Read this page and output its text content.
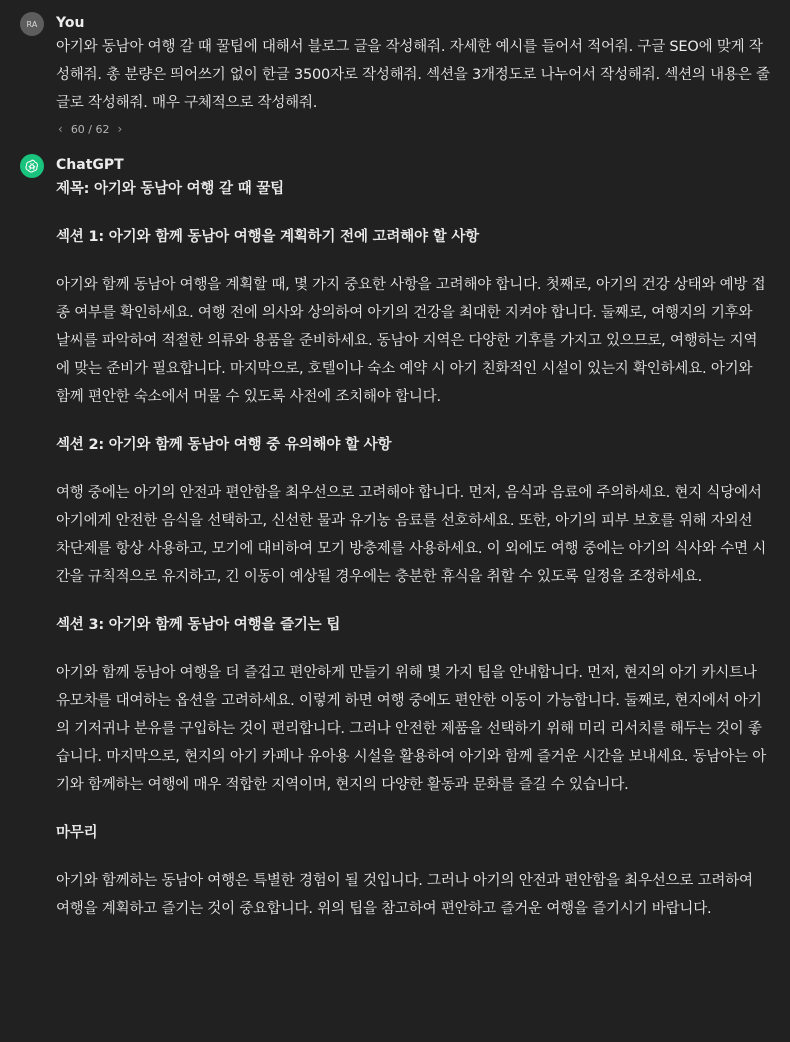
RA You

아기와 동남아 여행 갈 때 꿀팁에 대해서 블로그 글을 작성해줘. 자세한 예시를 들어서 적어줘. 구글 SEO에 맞게 작성해줘. 총 분량은 띄어쓰기 없이 한글 3500자로 작성해줘. 섹션을 3개정도로 나누어서 작성해줘. 섹션의 내용은 줄글로 작성해줘. 매우 구체적으로 작성해줘.

‹ 60 / 62 ›
ChatGPT

제목: 아기와 동남아 여행 갈 때 꿀팁

섹션 1: 아기와 함께 동남아 여행을 계획하기 전에 고려해야 할 사항

아기와 함께 동남아 여행을 계획할 때, 몇 가지 중요한 사항을 고려해야 합니다. 첫째로, 아기의 건강 상태와 예방 접종 여부를 확인하세요. 여행 전에 의사와 상의하여 아기의 건강을 최대한 지켜야 합니다. 둘째로, 여행지의 기후와 날씨를 파악하여 적절한 의류와 용품을 준비하세요. 동남아 지역은 다양한 기후를 가지고 있으므로, 여행하는 지역에 맞는 준비가 필요합니다. 마지막으로, 호텔이나 숙소 예약 시 아기 친화적인 시설이 있는지 확인하세요. 아기와 함께 편안한 숙소에서 머물 수 있도록 사전에 조치해야 합니다.

섹션 2: 아기와 함께 동남아 여행 중 유의해야 할 사항

여행 중에는 아기의 안전과 편안함을 최우선으로 고려해야 합니다. 먼저, 음식과 음료에 주의하세요. 현지 식당에서 아기에게 안전한 음식을 선택하고, 신선한 물과 유기농 음료를 선호하세요. 또한, 아기의 피부 보호를 위해 자외선 차단제를 항상 사용하고, 모기에 대비하여 모기 방충제를 사용하세요. 이 외에도 여행 중에는 아기의 식사와 수면 시간을 규칙적으로 유지하고, 긴 이동이 예상될 경우에는 충분한 휴식을 취할 수 있도록 일정을 조정하세요.

섹션 3: 아기와 함께 동남아 여행을 즐기는 팁

아기와 함께 동남아 여행을 더 즐겁고 편안하게 만들기 위해 몇 가지 팁을 안내합니다. 먼저, 현지의 아기 카시트나 유모차를 대여하는 옵션을 고려하세요. 이렇게 하면 여행 중에도 편안한 이동이 가능합니다. 둘째로, 현지에서 아기의 기저귀나 분유를 구입하는 것이 편리합니다. 그러나 안전한 제품을 선택하기 위해 미리 리서치를 해두는 것이 좋습니다. 마지막으로, 현지의 아기 카페나 유아용 시설을 활용하여 아기와 함께 즐거운 시간을 보내세요. 동남아는 아기와 함께하는 여행에 매우 적합한 지역이며, 현지의 다양한 활동과 문화를 즐길 수 있습니다.

마무리

아기와 함께하는 동남아 여행은 특별한 경험이 될 것입니다. 그러나 아기의 안전과 편안함을 최우선으로 고려하여 여행을 계획하고 즐기는 것이 중요합니다. 위의 팁을 참고하여 편안하고 즐거운 여행을 즐기시기 바랍니다.
